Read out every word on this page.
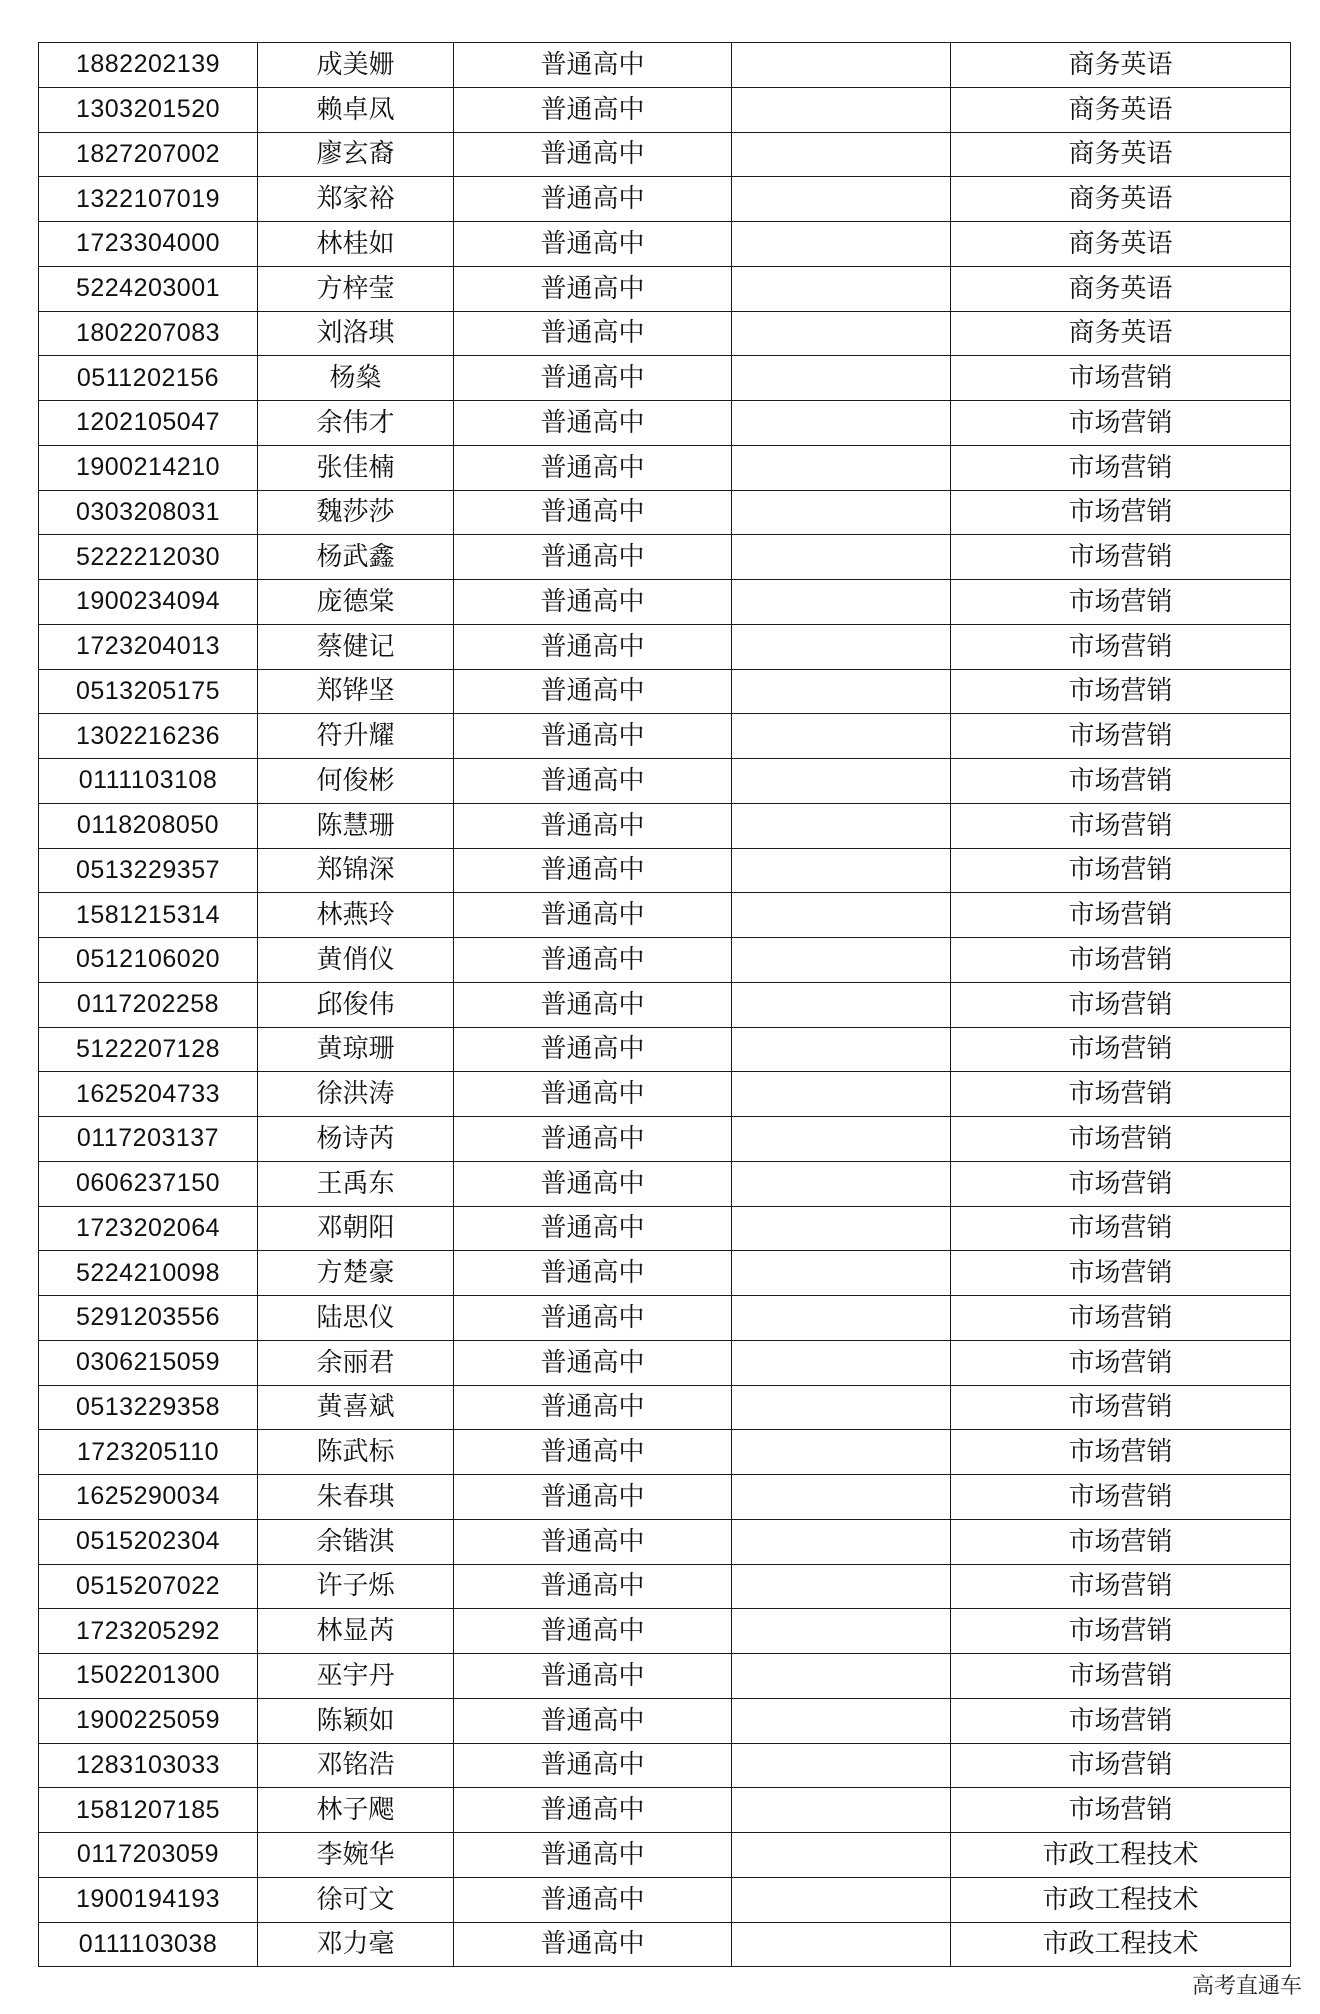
1882202139	成美姗	普通高中		商务英语
1303201520	赖卓凤	普通高中		商务英语
1827207002	廖玄裔	普通高中		商务英语
1322107019	郑家裕	普通高中		商务英语
1723304000	林桂如	普通高中		商务英语
5224203001	方梓莹	普通高中		商务英语
1802207083	刘洛琪	普通高中		商务英语
0511202156	杨燊	普通高中		市场营销
1202105047	余伟才	普通高中		市场营销
1900214210	张佳楠	普通高中		市场营销
0303208031	魏莎莎	普通高中		市场营销
5222212030	杨武鑫	普通高中		市场营销
1900234094	庞德棠	普通高中		市场营销
1723204013	蔡健记	普通高中		市场营销
0513205175	郑铧坚	普通高中		市场营销
1302216236	符升耀	普通高中		市场营销
0111103108	何俊彬	普通高中		市场营销
0118208050	陈慧珊	普通高中		市场营销
0513229357	郑锦深	普通高中		市场营销
1581215314	林燕玲	普通高中		市场营销
0512106020	黄俏仪	普通高中		市场营销
0117202258	邱俊伟	普通高中		市场营销
5122207128	黄琼珊	普通高中		市场营销
1625204733	徐洪涛	普通高中		市场营销
0117203137	杨诗芮	普通高中		市场营销
0606237150	王禹东	普通高中		市场营销
1723202064	邓朝阳	普通高中		市场营销
5224210098	方楚豪	普通高中		市场营销
5291203556	陆思仪	普通高中		市场营销
0306215059	余丽君	普通高中		市场营销
0513229358	黄喜斌	普通高中		市场营销
1723205110	陈武标	普通高中		市场营销
1625290034	朱春琪	普通高中		市场营销
0515202304	余锴淇	普通高中		市场营销
0515207022	许子烁	普通高中		市场营销
1723205292	林显芮	普通高中		市场营销
1502201300	巫宇丹	普通高中		市场营销
1900225059	陈颖如	普通高中		市场营销
1283103033	邓铭浩	普通高中		市场营销
1581207185	林子飔	普通高中		市场营销
0117203059	李婉华	普通高中		市政工程技术
1900194193	徐可文	普通高中		市政工程技术
0111103038	邓力毫	普通高中		市政工程技术
高考直通车
